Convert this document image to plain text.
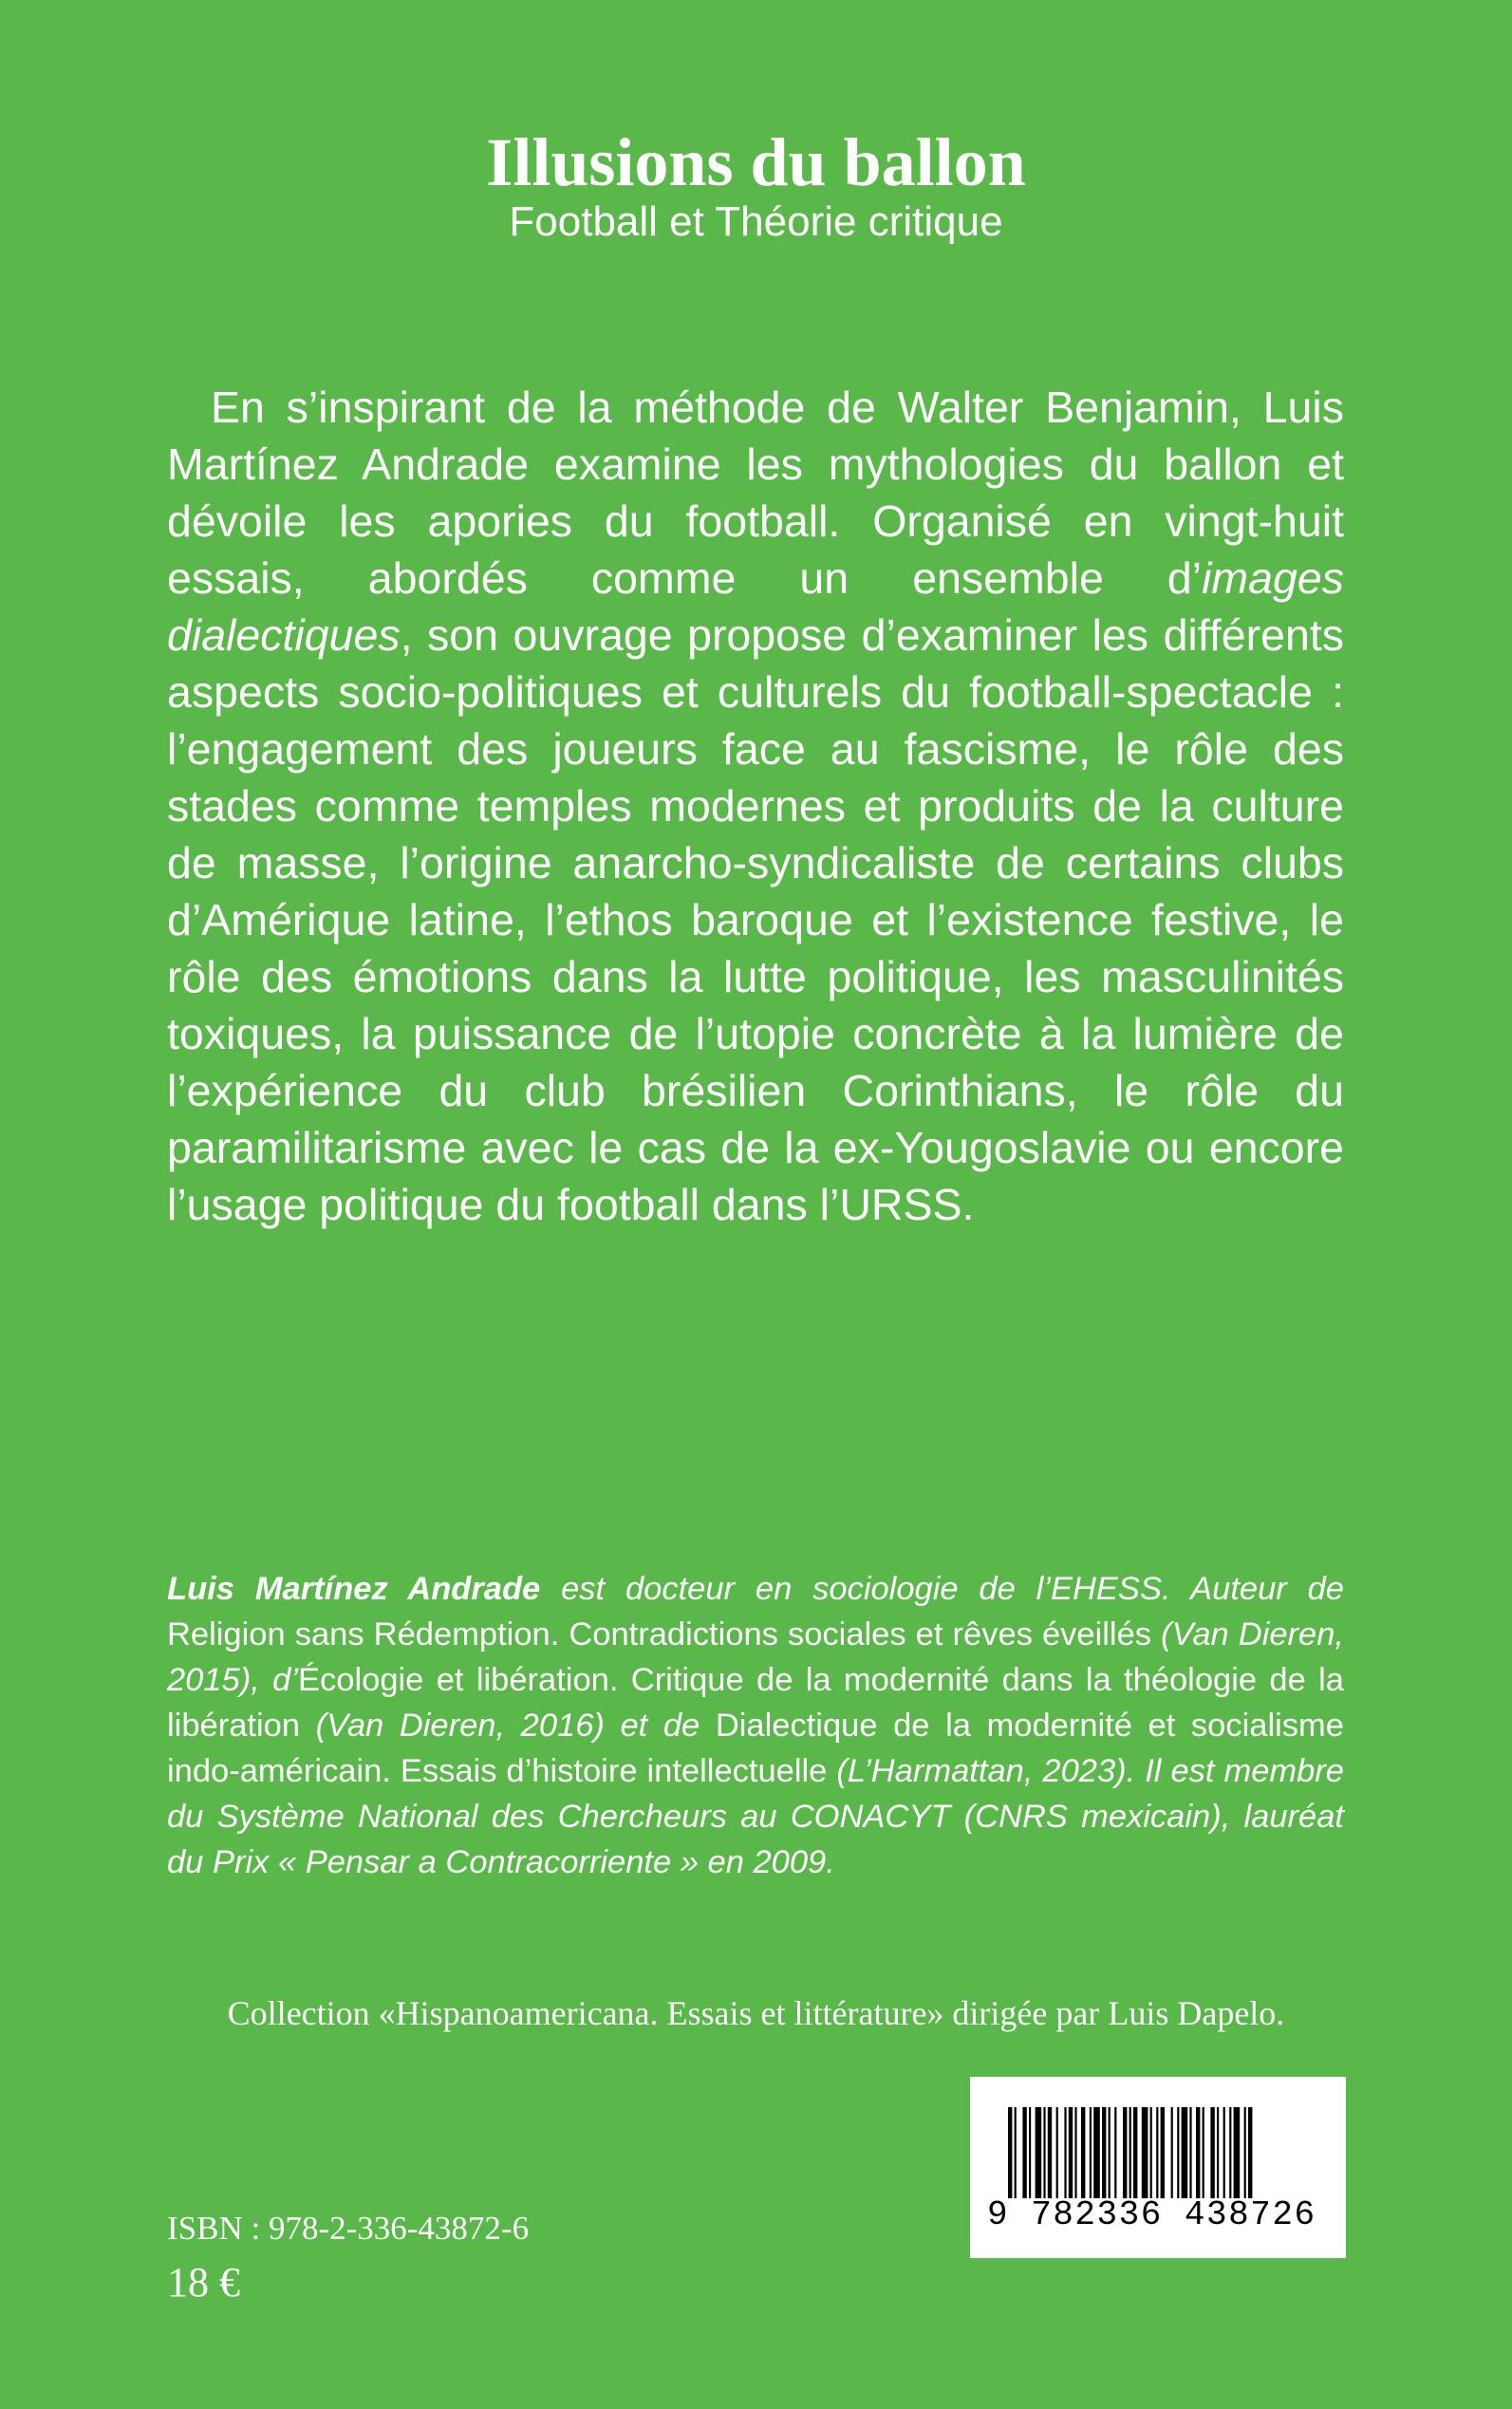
Illusions du ballon
Football et Théorie critique

En s’inspirant de la méthode de Walter Benjamin, Luis Martínez Andrade examine les mythologies du ballon et dévoile les apories du football. Organisé en vingt-huit essais, abordés comme un ensemble d’images dialectiques, son ouvrage propose d’examiner les différents aspects socio-politiques et culturels du football-spectacle : l’engagement des joueurs face au fascisme, le rôle des stades comme temples modernes et produits de la culture de masse, l’origine anarcho-syndicaliste de certains clubs d’Amérique latine, l’ethos baroque et l’existence festive, le rôle des émotions dans la lutte politique, les masculinités toxiques, la puissance de l’utopie concrète à la lumière de l’expérience du club brésilien Corinthians, le rôle du paramilitarisme avec le cas de la ex-Yougoslavie ou encore l’usage politique du football dans l’URSS.

Luis Martínez Andrade est docteur en sociologie de l’EHESS. Auteur de Religion sans Rédemption. Contradictions sociales et rêves éveillés (Van Dieren, 2015), d’Écologie et libération. Critique de la modernité dans la théologie de la libération (Van Dieren, 2016) et de Dialectique de la modernité et socialisme indo-américain. Essais d’histoire intellectuelle (L’Harmattan, 2023). Il est membre du Système National des Chercheurs au CONACYT (CNRS mexicain), lauréat du Prix « Pensar a Contracorriente » en 2009.

Collection «Hispanoamericana. Essais et littérature» dirigée par Luis Dapelo.
ISBN : 978-2-336-43872-6
18 €
9 782336 438726
